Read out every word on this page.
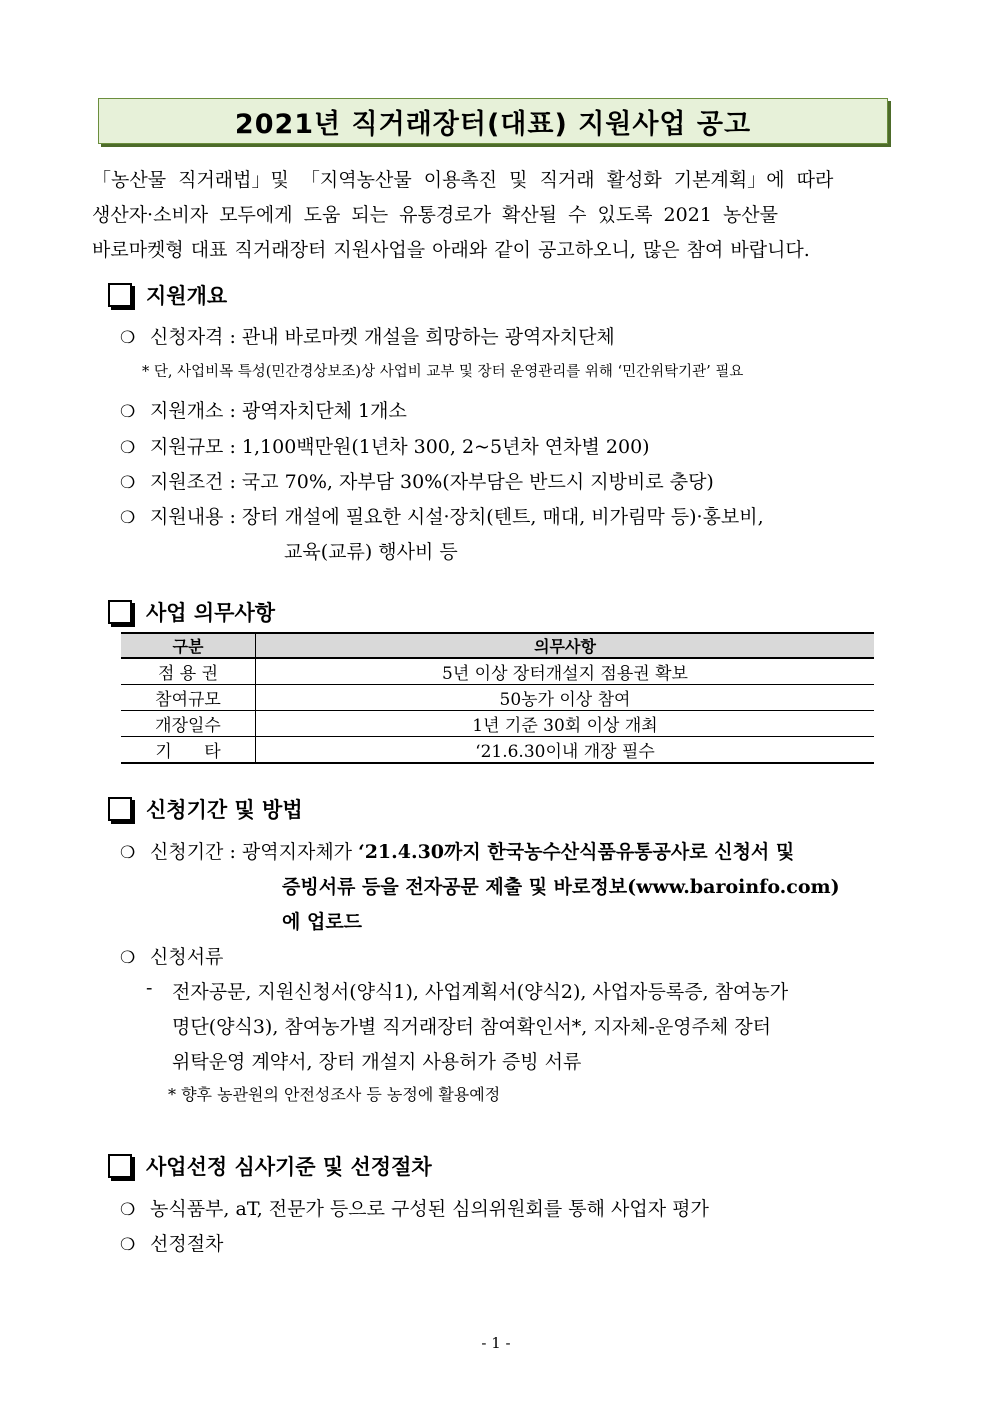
2021년 직거래장터(대표) 지원사업 공고
「농산물 직거래법」및 「지역농산물 이용촉진 및 직거래 활성화 기본계획」에 따라
생산자·소비자 모두에게 도움 되는 유통경로가 확산될 수 있도록 2021 농산물
바로마켓형 대표 직거래장터 지원사업을 아래와 같이 공고하오니, 많은 참여 바랍니다.
지원개요
❍ 신청자격 : 관내 바로마켓 개설을 희망하는 광역자치단체
* 단, 사업비목 특성(민간경상보조)상 사업비 교부 및 장터 운영관리를 위해 ‘민간위탁기관’ 필요
❍ 지원개소 : 광역자치단체 1개소
❍ 지원규모 : 1,100백만원(1년차 300, 2~5년차 연차별 200)
❍ 지원조건 : 국고 70%, 자부담 30%(자부담은 반드시 지방비로 충당)
❍ 지원내용 : 장터 개설에 필요한 시설·장치(텐트, 매대, 비가림막 등)·홍보비,
교육(교류) 행사비 등
사업 의무사항
구분	의무사항
점 용 권	5년 이상 장터개설지 점용권 확보
참여규모	50농가 이상 참여
개장일수	1년 기준 30회 이상 개최
기      타	‘21.6.30이내 개장 필수
신청기간 및 방법
❍ 신청기간 : 광역지자체가
‘21.4.30까지 한국농수산식품유통공사로 신청서 및
증빙서류 등을 전자공문 제출 및 바로정보(www.baroinfo.com)
에 업로드
❍ 신청서류
- 전자공문, 지원신청서(양식1), 사업계획서(양식2), 사업자등록증, 참여농가
명단(양식3), 참여농가별 직거래장터 참여확인서*, 지자체-운영주체 장터
위탁운영 계약서, 장터 개설지 사용허가 증빙 서류
* 향후 농관원의 안전성조사 등 농정에 활용예정
사업선정 심사기준 및 선정절차
❍ 농식품부, aT, 전문가 등으로 구성된 심의위원회를 통해 사업자 평가
❍ 선정절차
- 1 -
